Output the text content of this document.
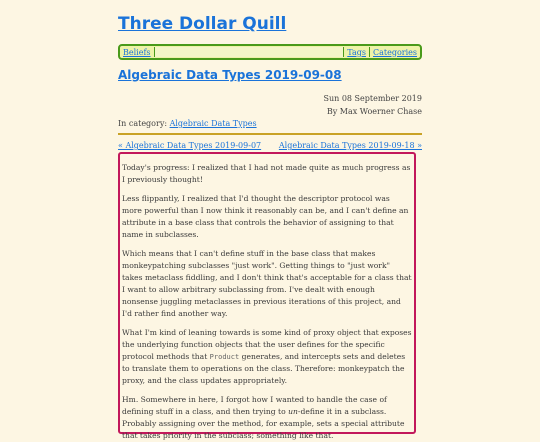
Three Dollar Quill
Beliefs	Tags Categories
Algebraic Data Types 2019-09-08
Sun 08 September 2019
By Max Woerner Chase
In category: Algebraic Data Types
« Algebraic Data Types 2019-09-07 Algebraic Data Types 2019-09-18 »

Today's progress: I realized that I had not made quite as much progress as I previously thought!

Less flippantly, I realized that I'd thought the descriptor protocol was more powerful than I now think it reasonably can be, and I can't define an attribute in a base class that controls the behavior of assigning to that name in subclasses.

Which means that I can't define stuff in the base class that makes monkeypatching subclasses "just work". Getting things to "just work" takes metaclass fiddling, and I don't think that's acceptable for a class that I want to allow arbitrary subclassing from. I've dealt with enough nonsense juggling metaclasses in previous iterations of this project, and I'd rather find another way.

What I'm kind of leaning towards is some kind of proxy object that exposes the underlying function objects that the user defines for the specific protocol methods that Product generates, and intercepts sets and deletes to translate them to operations on the class. Therefore: monkeypatch the proxy, and the class updates appropriately.

Hm. Somewhere in here, I forgot how I wanted to handle the case of defining stuff in a class, and then trying to un-define it in a subclass. Probably assigning over the method, for example, sets a special attribute that takes priority in the subclass; something like that.
